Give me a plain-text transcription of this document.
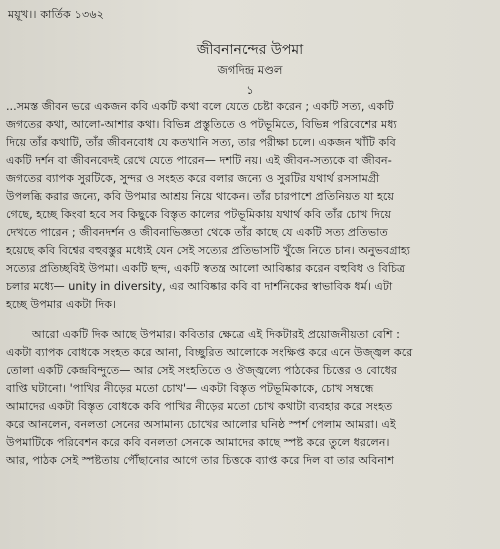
ময়ূখ।। কার্তিক ১৩৬২
জীবনানন্দের উপমা
জগদিন্দ্র মণ্ডল
১
...সমস্ত জীবন ভরে একজন কবি একটি কথা বলে যেতে চেষ্টা করেন ; একটি সত্য, একটি
জগতের কথা, আলো-আশার কথা। বিভিন্ন প্রস্তুতিতে ও পটভূমিতে, বিভিন্ন পরিবেশের মধ্য
দিয়ে তাঁর কথাটি, তাঁর জীবনবোধ যে কতখানি সত্য, তার পরীক্ষা চলে। একজন খাঁটি কবি
একটি দর্শন বা জীবনবেদই রেখে যেতে পারেন— দশটি নয়। এই জীবন-সত্যকে বা জীবন-
জগতের ব্যাপক সুরটিকে, সুন্দর ও সংহত করে বলার জন্যে ও সুরটির যথার্থ রসসামগ্রী
উপলব্ধি করার জন্যে, কবি উপমার আশ্রয় নিয়ে থাকেন। তাঁর চারপাশে প্রতিনিয়ত যা হয়ে
গেছে, হচ্ছে কিংবা হবে সব কিছুকে বিস্তৃত কালের পটভূমিকায় যথার্থ কবি তাঁর চোখ দিয়ে
দেখতে পারেন ; জীবনদর্শন ও জীবনাভিজ্ঞতা থেকে তাঁর কাছে যে একটি সত্য প্রতিভাত
হয়েছে কবি বিশ্বের বহুবস্তুর মধ্যেই যেন সেই সত্যের প্রতিভাসটি খুঁজে নিতে চান। অনুভবগ্রাহ্য
সত্যের প্রতিচ্ছবিই উপমা। একটি ছন্দ, একটি স্বতন্ত্র আলো আবিষ্কার করেন বহুবিধ ও বিচিত্র
চলার মধ্যে— unity in diversity, এর আবিষ্কার কবি বা দার্শনিকের স্বাভাবিক ধর্ম। এটা
হচ্ছে উপমার একটা দিক।
আরো একটি দিক আছে উপমার। কবিতার ক্ষেত্রে এই দিকটারই প্রয়োজনীয়তা বেশি :
একটা ব্যাপক বোধকে সংহত করে আনা, বিচ্ছুরিত আলোকে সংক্ষিপ্ত করে এনে উজ্জ্বল করে
তোলা একটি কেন্দ্রবিন্দুতে— আর সেই সংহতিতে ও ঔজ্জ্বল্যে পাঠকের চিত্তের ও বোধের
বাপ্তি ঘটানো। 'পাখির নীড়ের মতো চোখ'— একটা বিস্তৃত পটভূমিকাকে, চোখ সম্বন্ধে
আমাদের একটা বিস্তৃত বোধকে কবি পাখির নীড়ের মতো চোখ কথাটা ব্যবহার করে সংহত
করে আনলেন, বনলতা সেনের অসামান্য চোখের আলোর ঘনিষ্ঠ স্পর্শ পেলাম আমরা। এই
উপমাটিকে পরিবেশন করে কবি বনলতা সেনকে আমাদের কাছে স্পষ্ট করে তুলে ধরলেন।
আর, পাঠক সেই স্পষ্টতায় পৌঁছানোর আগে তার চিত্তকে ব্যাপ্ত করে দিল বা তার অবিনাশ
